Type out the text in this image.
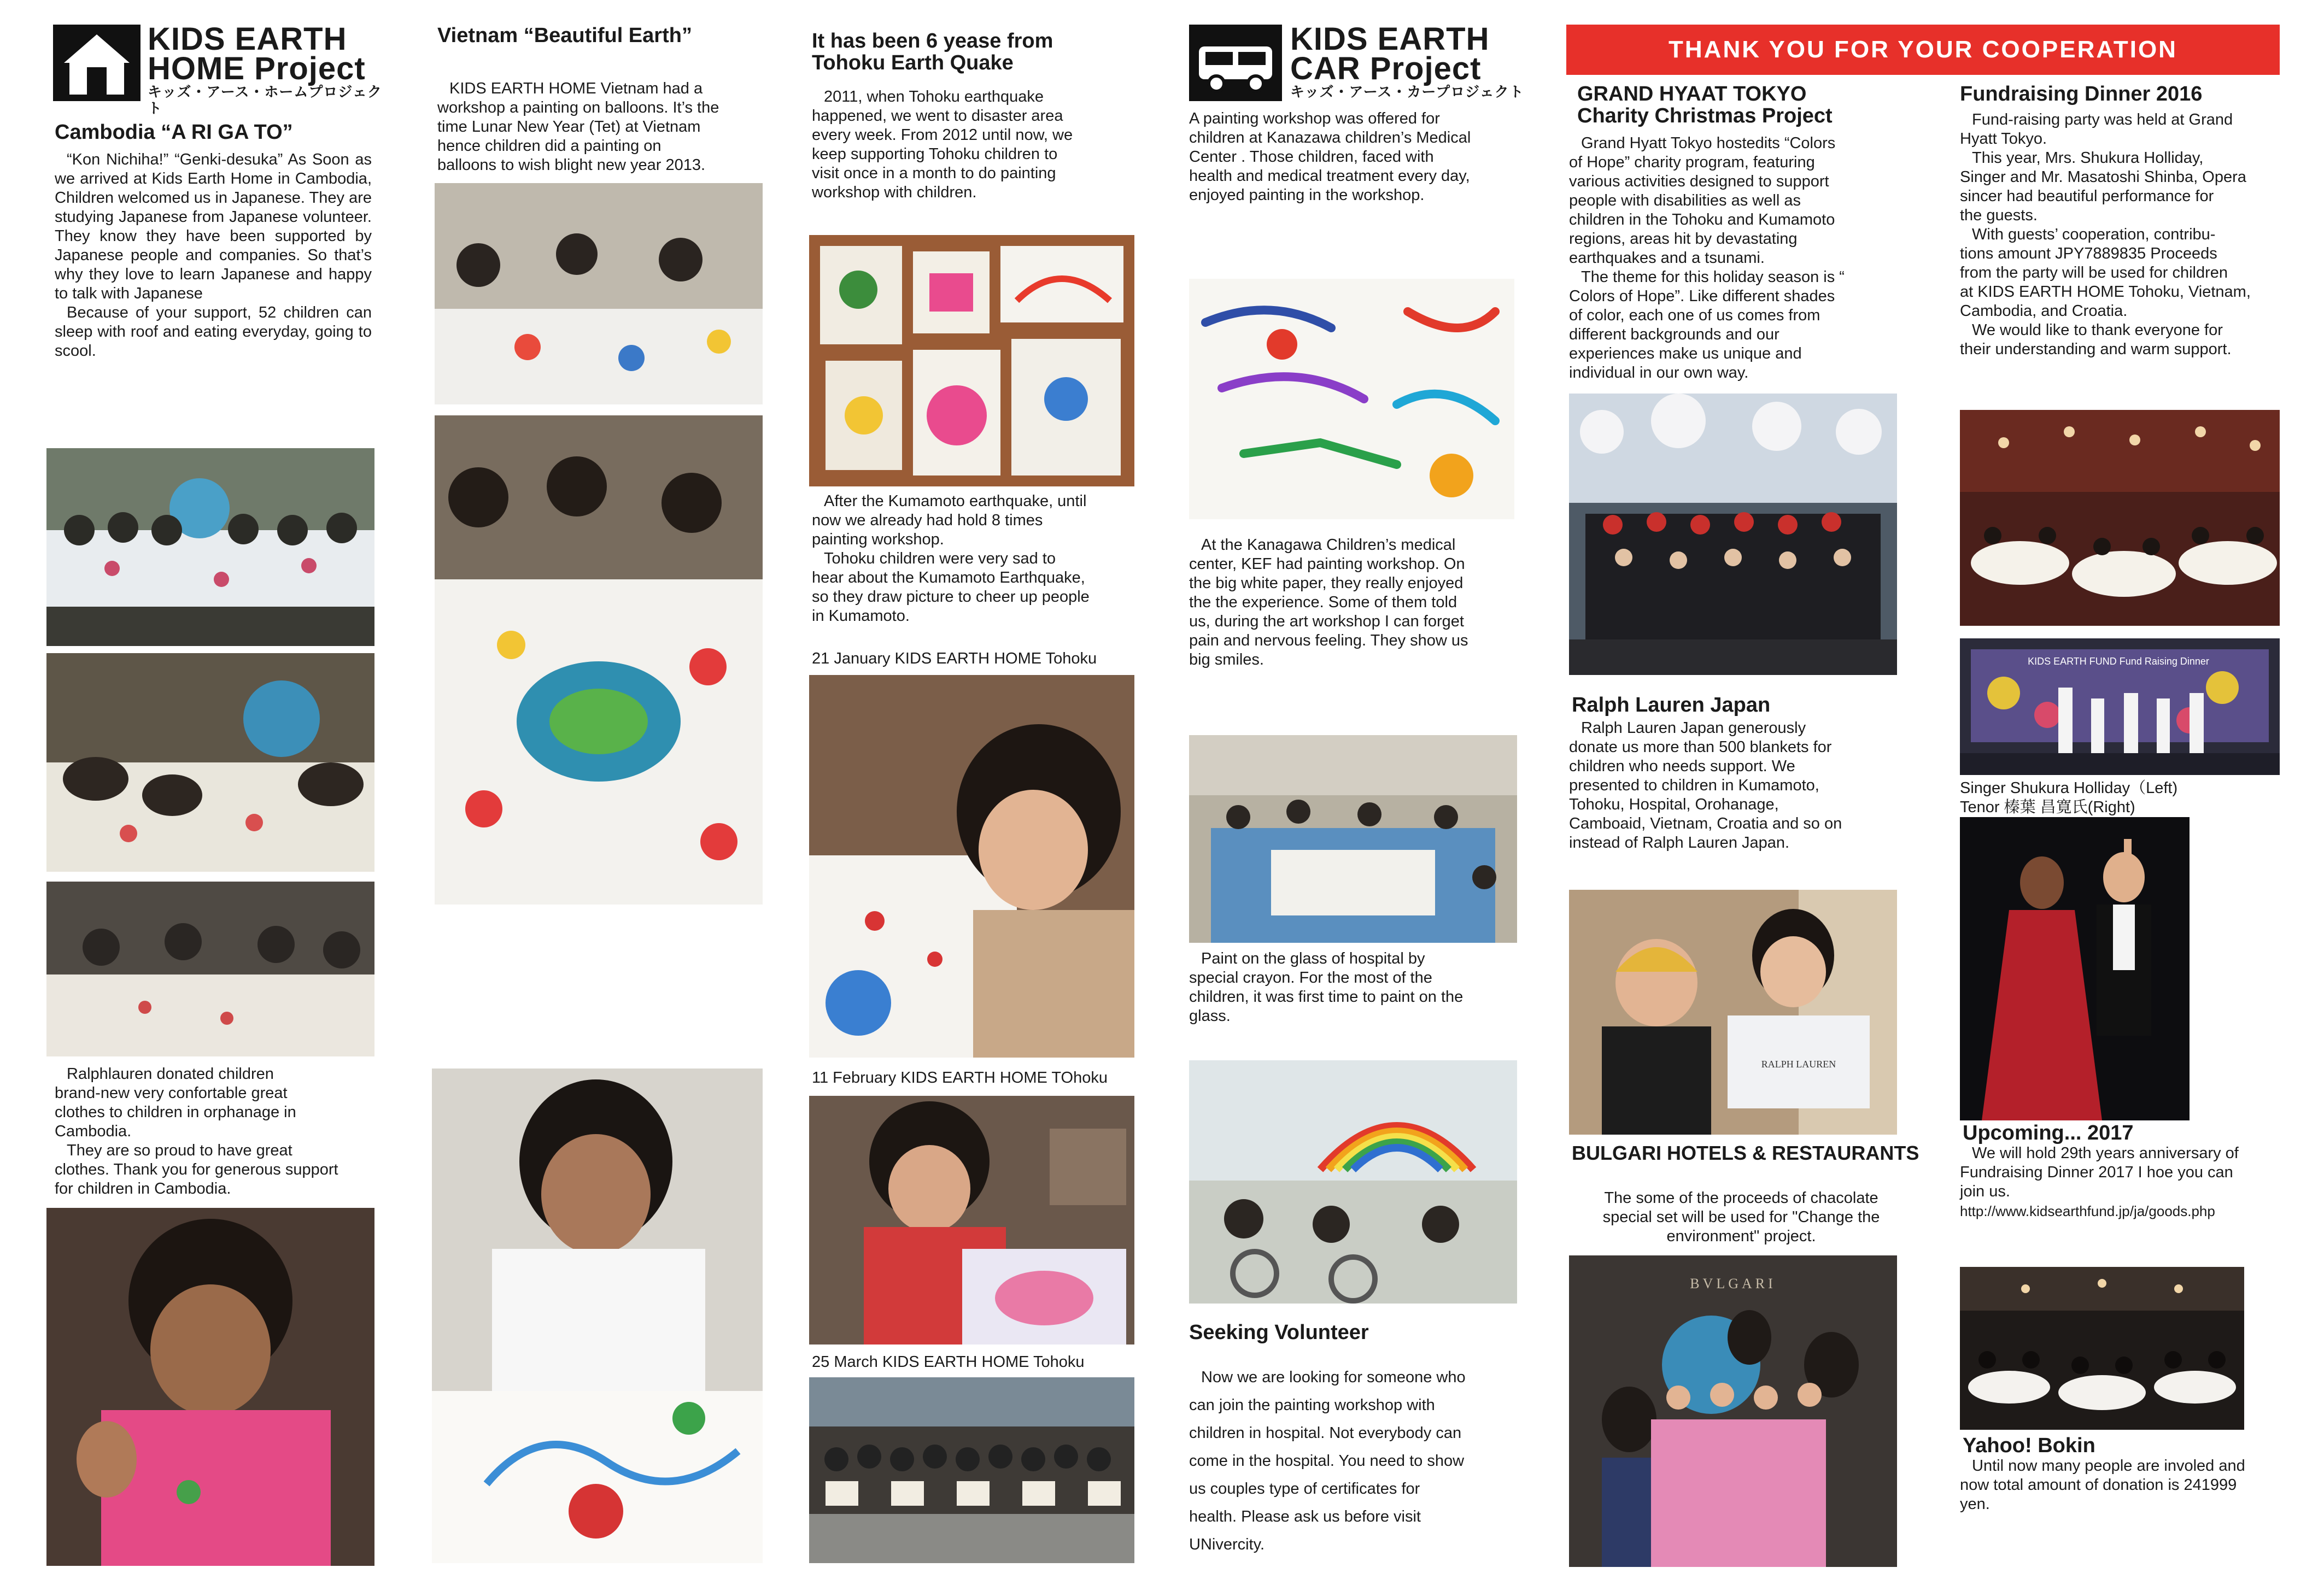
KIDS EARTH
HOME Project
キッズ・アース・ホームプロジェクト
Cambodia “A RI GA TO”

“Kon Nichiha!” “Genki-desuka” As Soon as we arrived at Kids Earth Home in Cambodia, Children welcomed us in Japanese. They are studying Japanese from Japanese volunteer. They know they have been supported by Japanese people and companies. So that’s why they love to learn Japanese and happy to talk with Japanese

Because of your support, 52 children can sleep with roof and eating everyday, going to scool.

Ralphlauren donated children
brand-new very confortable great
clothes to children in orphanage in
Cambodia.

They are so proud to have great
clothes. Thank you for generous support
for children in Cambodia.

Vietnam “Beautiful Earth”

KIDS EARTH HOME Vietnam had a
workshop a painting on balloons. It’s the
time Lunar New Year (Tet) at Vietnam
hence children did a painting on
balloons to wish blight new year 2013.

It has been 6 yease from
Tohoku Earth Quake

2011, when Tohoku earthquake
happened, we went to disaster area
every week. From 2012 until now, we
keep supporting Tohoku children to
visit once in a month to do painting
workshop with children.

After the Kumamoto earthquake, until
now we already had hold 8 times
painting workshop.

Tohoku children were very sad to
hear about the Kumamoto Earthquake,
so they draw picture to cheer up people
in Kumamoto.

21 January KIDS EARTH HOME Tohoku

11 February KIDS EARTH HOME TOhoku

25 March KIDS EARTH HOME Tohoku

KIDS EARTH
CAR Project
キッズ・アース・カープロジェクト

A painting workshop was offered for
children at Kanazawa children’s Medical
Center . Those children, faced with
health and medical treatment every day,
enjoyed painting in the workshop.

At the Kanagawa Children’s medical
center, KEF had painting workshop. On
the big white paper, they really enjoyed
the the experience. Some of them told
us, during the art workshop I can forget
pain and nervous feeling. They show us
big smiles.

Paint on the glass of hospital by
special crayon. For the most of the
children, it was first time to paint on the
glass.

Seeking Volunteer

Now we are looking for someone who
can join the painting workshop with
children in hospital. Not everybody can
come in the hospital. You need to show
us couples type of certificates for
health. Please ask us before visit
UNivercity.

THANK YOU FOR YOUR COOPERATION
GRAND HYAAT TOKYO
Charity Christmas Project

Grand Hyatt Tokyo hostedits “Colors
of Hope” charity program, featuring
various activities designed to support
people with disabilities as well as
children in the Tohoku and Kumamoto
regions, areas hit by devastating
earthquakes and a tsunami.

The theme for this holiday season is “
Colors of Hope”. Like different shades
of color, each one of us comes from
different backgrounds and our
experiences make us unique and
individual in our own way.

Ralph Lauren Japan

Ralph Lauren Japan generously
donate us more than 500 blankets for
children who needs support. We
presented to children in Kumamoto,
Tohoku, Hospital, Orohanage,
Camboaid, Vietnam, Croatia and so on
instead of Ralph Lauren Japan.

RALPH LAUREN
BULGARI HOTELS & RESTAURANTS

The some of the proceeds of chacolate
special set will be used for "Change the
environment" project.

BVLGARI
Fundraising Dinner 2016

Fund-raising party was held at Grand
Hyatt Tokyo.

This year, Mrs. Shukura Holliday,
Singer and Mr. Masatoshi Shinba, Opera
sincer had beautiful performance for
the guests.

With guests’ cooperation, contribu-
tions amount JPY7889835 Proceeds
from the party will be used for children
at KIDS EARTH HOME Tohoku, Vietnam,
Cambodia, and Croatia.

We would like to thank everyone for
their understanding and warm support.

KIDS EARTH FUND Fund Raising Dinner

Singer Shukura Holliday（Left)

Tenor 榛葉 昌寛氏(Right)

Upcoming... 2017

We will hold 29th years anniversary of
Fundraising Dinner 2017 I hoe you can
join us.

http://www.kidsearthfund.jp/ja/goods.php

Yahoo! Bokin

Until now many people are involed and
now total amount of donation is 241999
yen.
